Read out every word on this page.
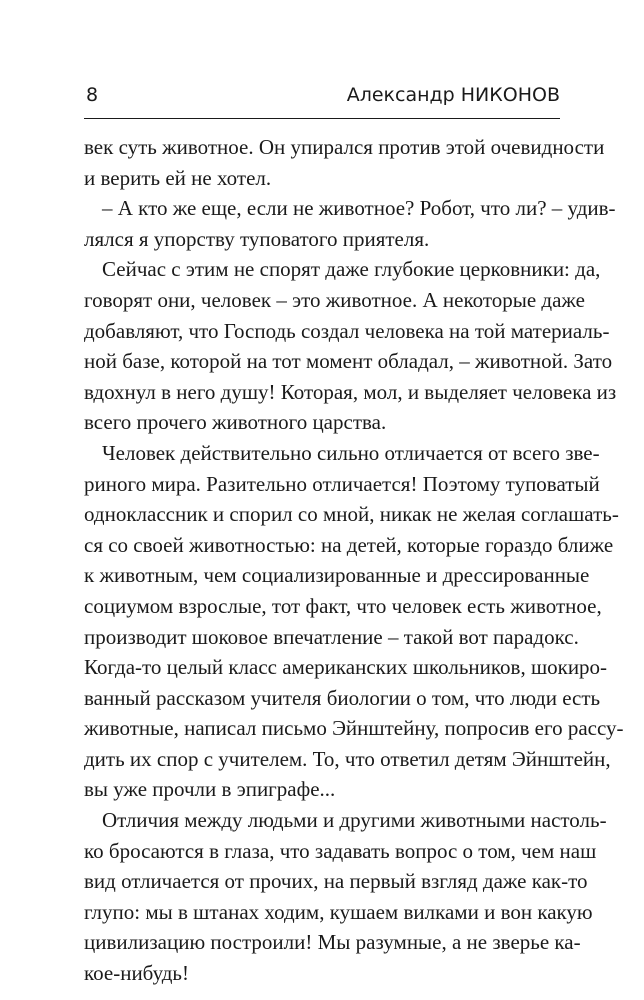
8	Александр НИКОНОВ
век суть животное. Он упирался против этой очевидности
и верить ей не хотел.
– А кто же еще, если не животное? Робот, что ли? – удив-
лялся я упорству туповатого приятеля.
Сейчас с этим не спорят даже глубокие церковники: да,
говорят они, человек – это животное. А некоторые даже
добавляют, что Господь создал человека на той материаль-
ной базе, которой на тот момент обладал, – животной. Зато
вдохнул в него душу! Которая, мол, и выделяет человека из
всего прочего животного царства.
Человек действительно сильно отличается от всего зве-
риного мира. Разительно отличается! Поэтому туповатый
одноклассник и спорил со мной, никак не желая соглашать-
ся со своей животностью: на детей, которые гораздо ближе
к животным, чем социализированные и дрессированные
социумом взрослые, тот факт, что человек есть животное,
производит шоковое впечатление – такой вот парадокс.
Когда-то целый класс американских школьников, шокиро-
ванный рассказом учителя биологии о том, что люди есть
животные, написал письмо Эйнштейну, попросив его рассу-
дить их спор с учителем. То, что ответил детям Эйнштейн,
вы уже прочли в эпиграфе...
Отличия между людьми и другими животными настоль-
ко бросаются в глаза, что задавать вопрос о том, чем наш
вид отличается от прочих, на первый взгляд даже как-то
глупо: мы в штанах ходим, кушаем вилками и вон какую
цивилизацию построили! Мы разумные, а не зверье ка-
кое-нибудь!
